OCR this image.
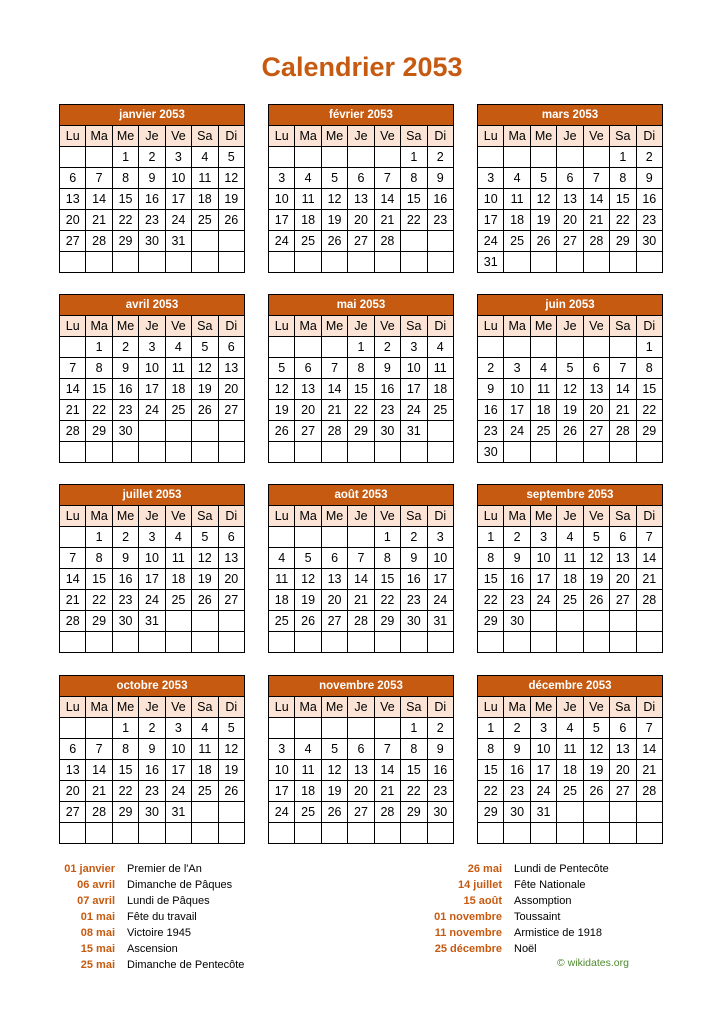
Calendrier 2053
janvier 2053						
Lu	Ma	Me	Je	Ve	Sa	Di
		1	2	3	4	5
6	7	8	9	10	11	12
13	14	15	16	17	18	19
20	21	22	23	24	25	26
27	28	29	30	31		

février 2053						
Lu	Ma	Me	Je	Ve	Sa	Di
					1	2
3	4	5	6	7	8	9
10	11	12	13	14	15	16
17	18	19	20	21	22	23
24	25	26	27	28		

mars 2053						
Lu	Ma	Me	Je	Ve	Sa	Di
					1	2
3	4	5	6	7	8	9
10	11	12	13	14	15	16
17	18	19	20	21	22	23
24	25	26	27	28	29	30
31						
avril 2053						
Lu	Ma	Me	Je	Ve	Sa	Di
	1	2	3	4	5	6
7	8	9	10	11	12	13
14	15	16	17	18	19	20
21	22	23	24	25	26	27
28	29	30				

mai 2053						
Lu	Ma	Me	Je	Ve	Sa	Di
			1	2	3	4
5	6	7	8	9	10	11
12	13	14	15	16	17	18
19	20	21	22	23	24	25
26	27	28	29	30	31	

juin 2053						
Lu	Ma	Me	Je	Ve	Sa	Di
						1
2	3	4	5	6	7	8
9	10	11	12	13	14	15
16	17	18	19	20	21	22
23	24	25	26	27	28	29
30						
juillet 2053						
Lu	Ma	Me	Je	Ve	Sa	Di
	1	2	3	4	5	6
7	8	9	10	11	12	13
14	15	16	17	18	19	20
21	22	23	24	25	26	27
28	29	30	31			

août 2053						
Lu	Ma	Me	Je	Ve	Sa	Di
				1	2	3
4	5	6	7	8	9	10
11	12	13	14	15	16	17
18	19	20	21	22	23	24
25	26	27	28	29	30	31

septembre 2053						
Lu	Ma	Me	Je	Ve	Sa	Di
1	2	3	4	5	6	7
8	9	10	11	12	13	14
15	16	17	18	19	20	21
22	23	24	25	26	27	28
29	30					

octobre 2053						
Lu	Ma	Me	Je	Ve	Sa	Di
		1	2	3	4	5
6	7	8	9	10	11	12
13	14	15	16	17	18	19
20	21	22	23	24	25	26
27	28	29	30	31		

novembre 2053						
Lu	Ma	Me	Je	Ve	Sa	Di
					1	2
3	4	5	6	7	8	9
10	11	12	13	14	15	16
17	18	19	20	21	22	23
24	25	26	27	28	29	30

décembre 2053						
Lu	Ma	Me	Je	Ve	Sa	Di
1	2	3	4	5	6	7
8	9	10	11	12	13	14
15	16	17	18	19	20	21
22	23	24	25	26	27	28
29	30	31				

01 janvier	Premier de l'An
06 avril	Dimanche de Pâques
07 avril	Lundi de Pâques
01 mai	Fête du travail
08 mai	Victoire 1945
15 mai	Ascension
25 mai	Dimanche de Pentecôte
26 mai	Lundi de Pentecôte
14 juillet	Fête Nationale
15 août	Assomption
01 novembre	Toussaint
11 novembre	Armistice de 1918
25 décembre	Noël
© wikidates.org
